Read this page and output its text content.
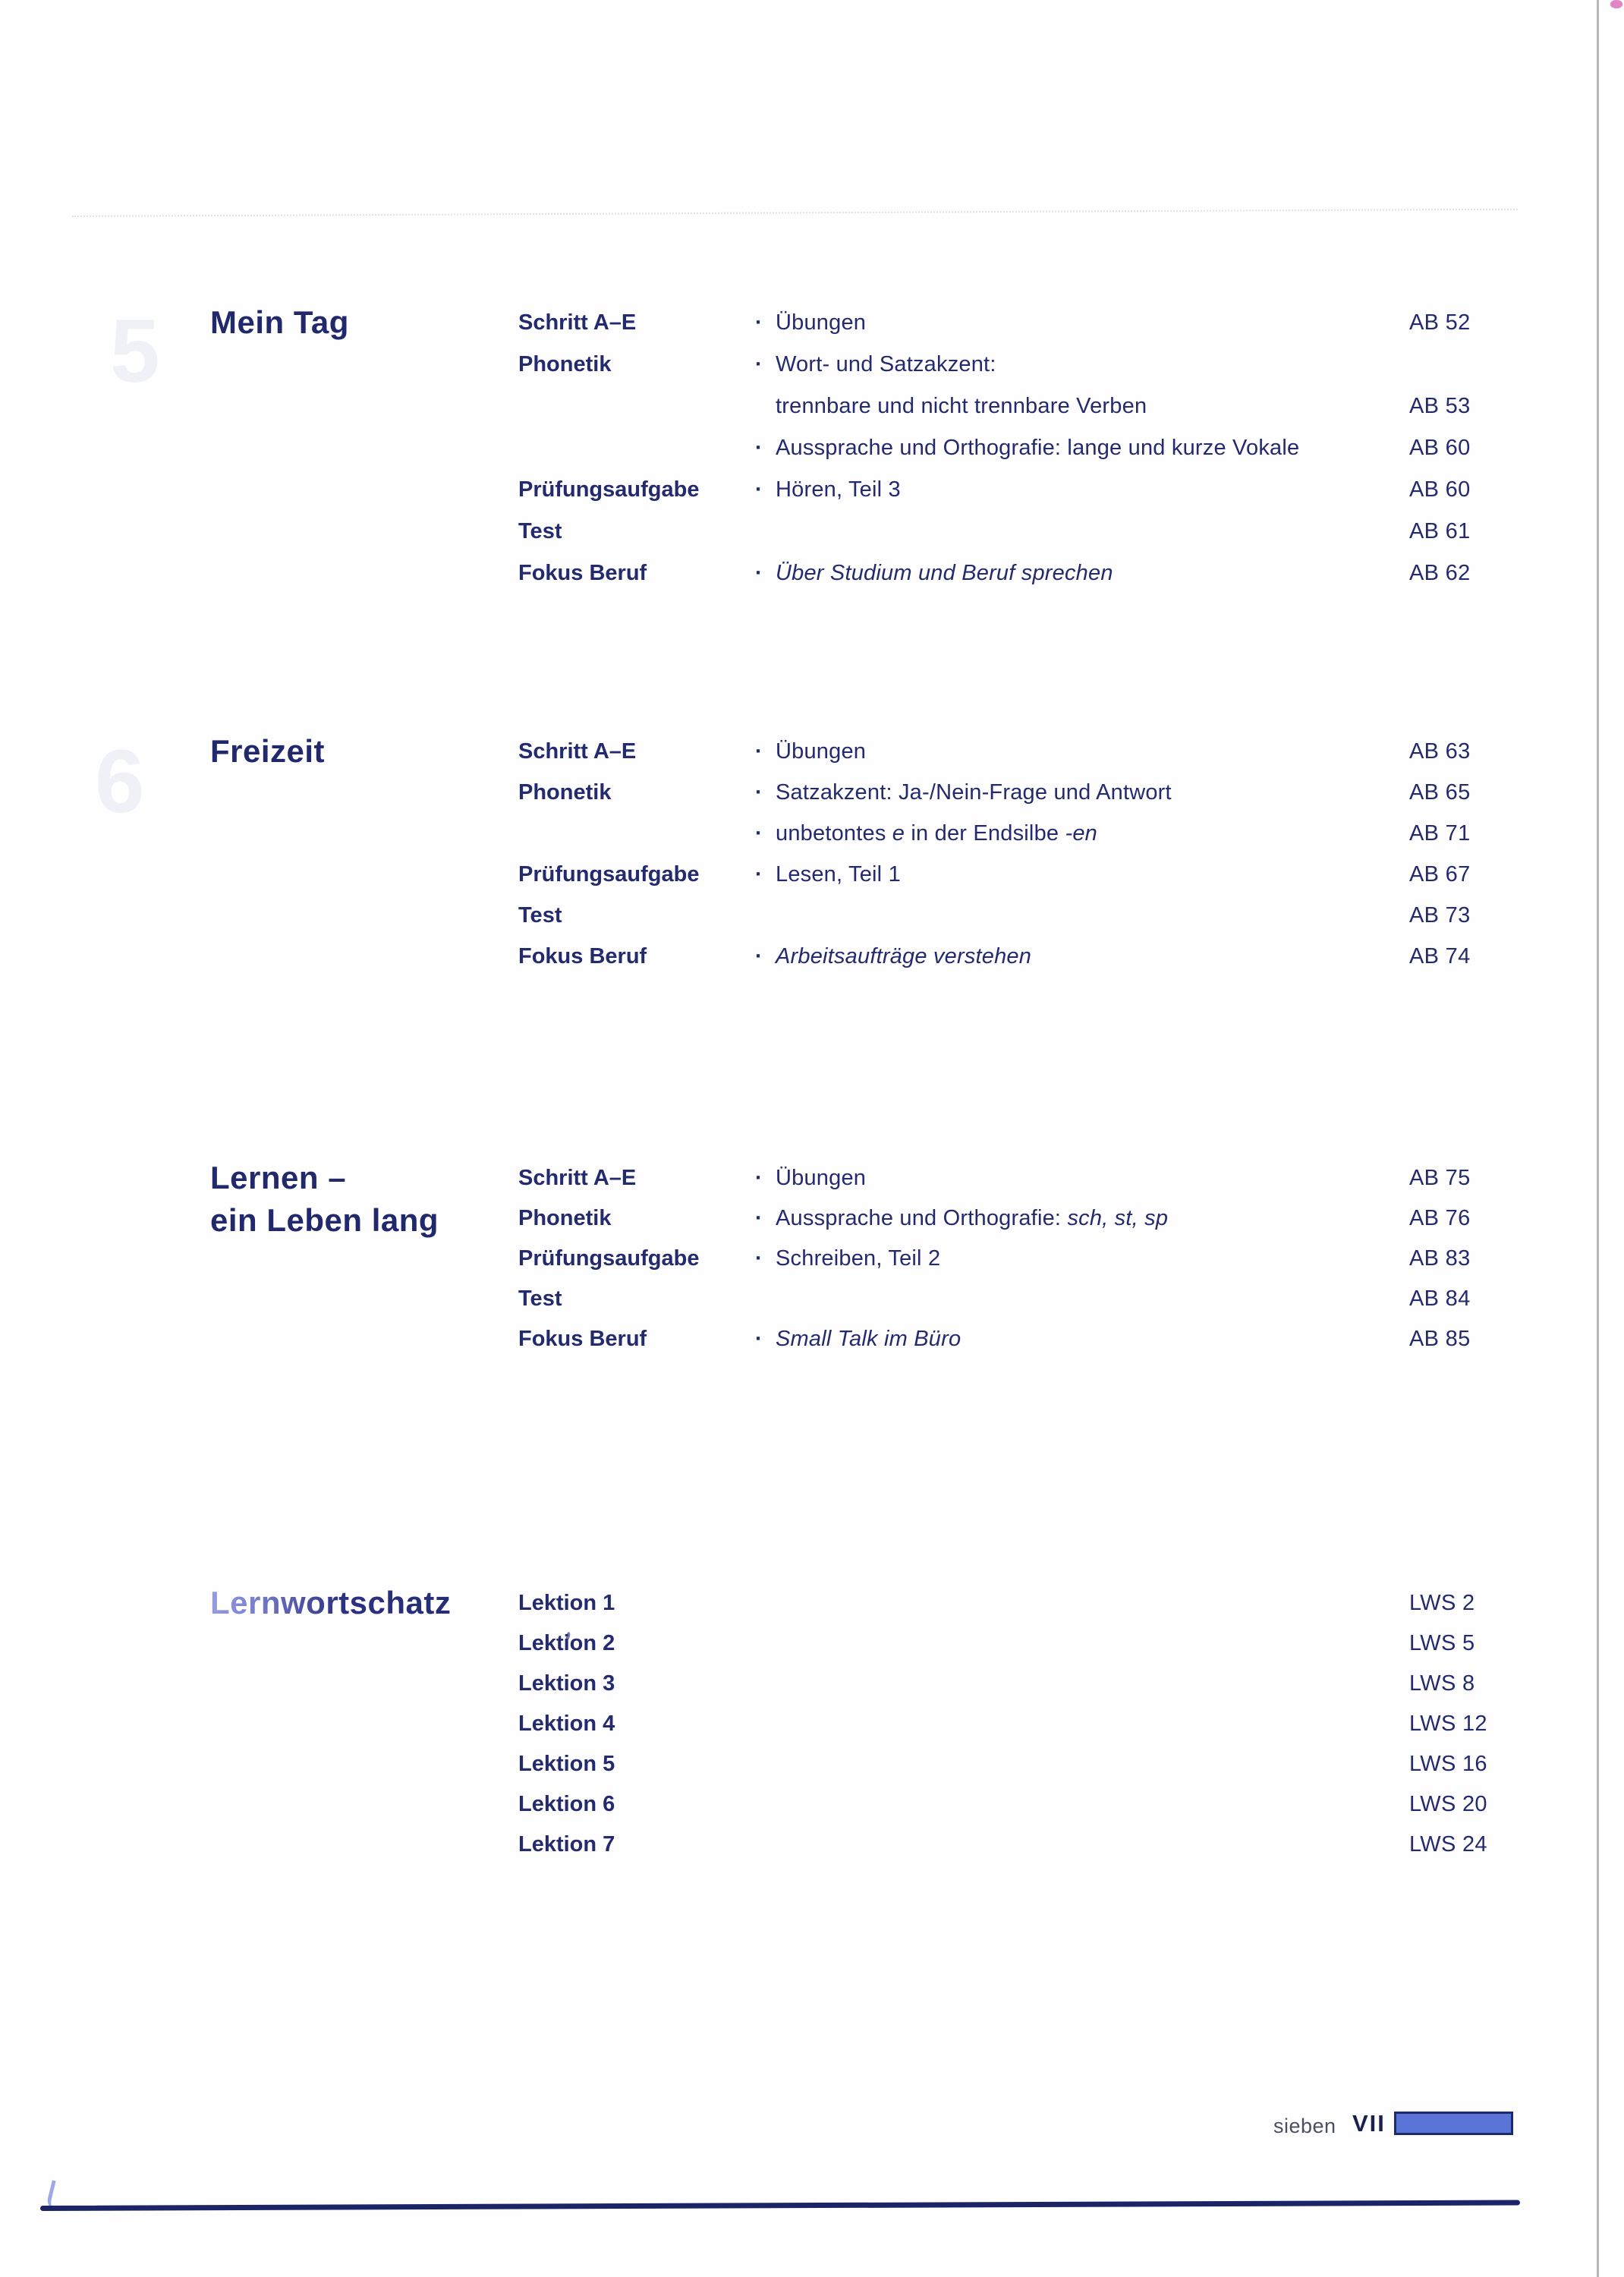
5 Mein Tag	Schritt A–E	· Übungen	AB 52
Phonetik	· Wort- und Satzakzent:
trennbare und nicht trennbare Verben	AB 53
· Aussprache und Orthografie: lange und kurze Vokale	AB 60
Prüfungsaufgabe	· Hören, Teil 3	AB 60
Test	AB 61
Fokus Beruf	· Über Studium und Beruf sprechen	AB 62
6 Freizeit	Schritt A–E	· Übungen	AB 63
Phonetik	· Satzakzent: Ja-/Nein-Frage und Antwort	AB 65
· unbetontes e in der Endsilbe -en	AB 71
Prüfungsaufgabe	· Lesen, Teil 1	AB 67
Test	AB 73
Fokus Beruf	· Arbeitsaufträge verstehen	AB 74
Lernen –
ein Leben lang
Schritt A–E	· Übungen	AB 75
Phonetik	· Aussprache und Orthografie: sch, st, sp	AB 76
Prüfungsaufgabe	· Schreiben, Teil 2	AB 83
Test	AB 84
Fokus Beruf	· Small Talk im Büro	AB 85
Lernwortschatz	Lektion 1	LWS 2
Lektion 2	LWS 5
Lektion 3	LWS 8
Lektion 4	LWS 12
Lektion 5	LWS 16
Lektion 6	LWS 20
Lektion 7	LWS 24
sieben VII
